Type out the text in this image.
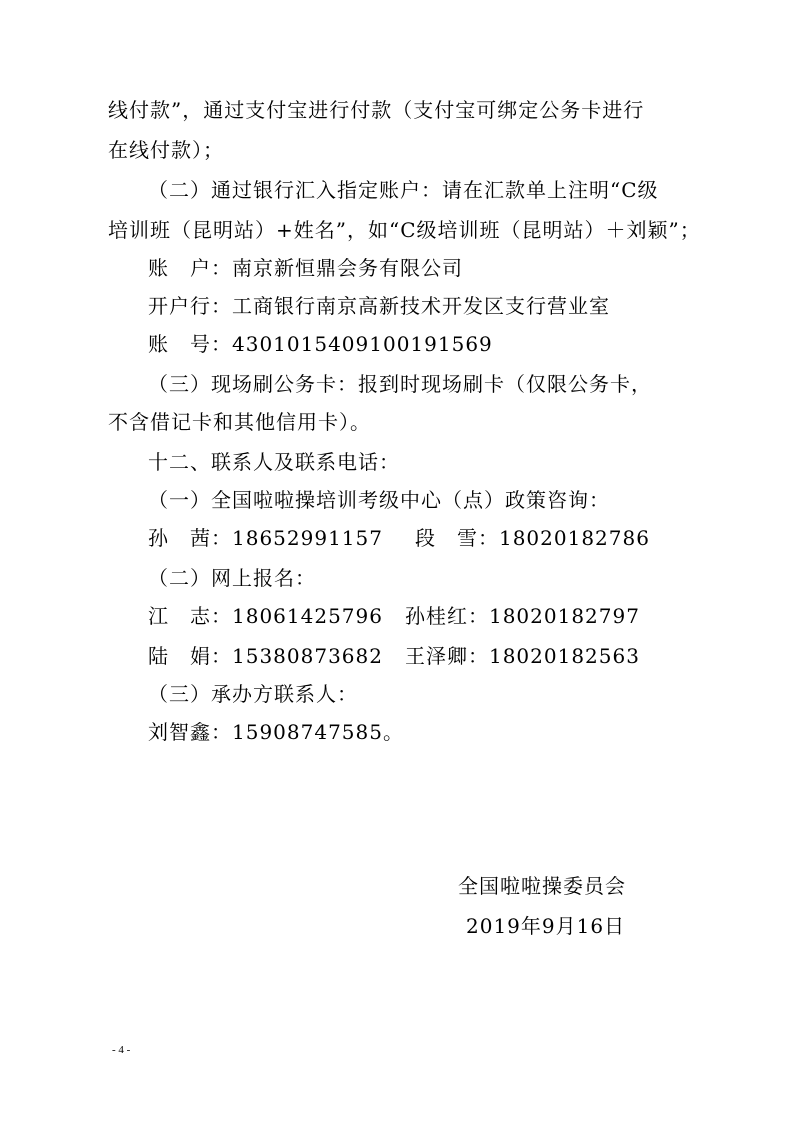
线付款”，通过支付宝进行付款（支付宝可绑定公务卡进行
在线付款）；
（二）通过银行汇入指定账户：请在汇款单上注明“C级
培训班（昆明站）+姓名”，如“C级培训班（昆明站）＋刘颖”；
账　户：南京新恒鼎会务有限公司
开户行：工商银行南京高新技术开发区支行营业室
账　号：4301015409100191569
（三）现场刷公务卡：报到时现场刷卡（仅限公务卡，
不含借记卡和其他信用卡）。
十二、联系人及联系电话：
（一）全国啦啦操培训考级中心（点）政策咨询：
孙　茜：18652991157 段　雪：18020182786
（二）网上报名：
江　志：18061425796 孙桂红：18020182797
陆　娟：15380873682 王泽卿：18020182563
（三）承办方联系人：
刘智鑫：15908747585。
全国啦啦操委员会
2019年9月16日
- 4 -
